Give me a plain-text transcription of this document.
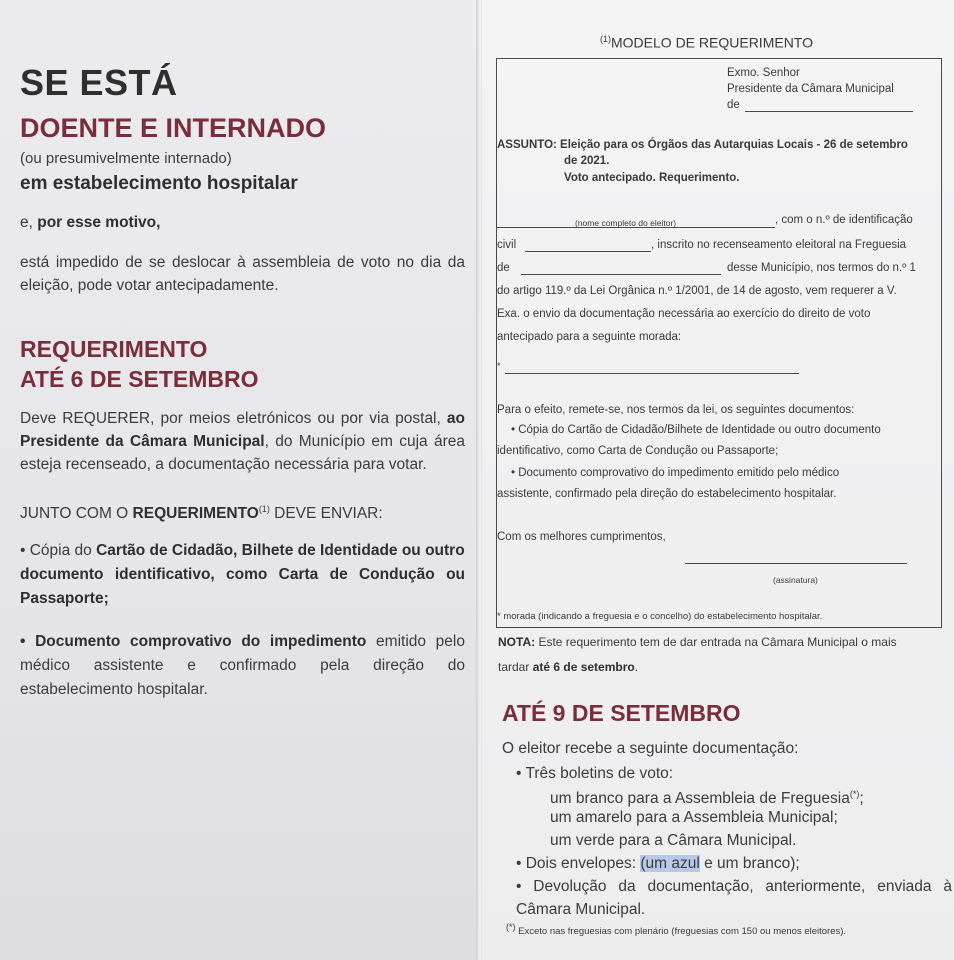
SE ESTÁ
DOENTE E INTERNADO
(ou presumivelmente internado)
em estabelecimento hospitalar
e, por esse motivo,
está impedido de se deslocar à assembleia de voto no dia da
eleição, pode votar antecipadamente.
REQUERIMENTO
ATÉ 6 DE SETEMBRO
Deve REQUERER, por meios eletrónicos ou por via postal, ao
Presidente da Câmara Municipal, do Município em cuja área
esteja recenseado, a documentação necessária para votar.
JUNTO COM O REQUERIMENTO$^{(1)}$ DEVE ENVIAR:
• Cópia do Cartão de Cidadão, Bilhete de Identidade ou outro
documento identificativo, como Carta de Condução ou
Passaporte;
• Documento comprovativo do impedimento emitido pelo
médico assistente e confirmado pela direção do
estabelecimento hospitalar.
$^{(1)}$MODELO DE REQUERIMENTO
Exmo. Senhor
Presidente da Câmara Municipal
de
ASSUNTO: Eleição para os Órgãos das Autarquias Locais - 26 de setembro
de 2021.
Voto antecipado. Requerimento.
(nome completo do eleitor)	, com o n.º de identificação
civil	, inscrito no recenseamento eleitoral na Freguesia
de	desse Município, nos termos do n.º 1
do artigo 119.º da Lei Orgânica n.º 1/2001, de 14 de agosto, vem requerer a V.
Exa. o envio da documentação necessária ao exercício do direito de voto
antecipado para a seguinte morada:
*
Para o efeito, remete-se, nos termos da lei, os seguintes documentos:
• Cópia do Cartão de Cidadão/Bilhete de Identidade ou outro documento
identificativo, como Carta de Condução ou Passaporte;
• Documento comprovativo do impedimento emitido pelo médico
assistente, confirmado pela direção do estabelecimento hospitalar.
Com os melhores cumprimentos,
(assinatura)
* morada (indicando a freguesia e o concelho) do estabelecimento hospitalar.
NOTA: Este requerimento tem de dar entrada na Câmara Municipal o mais
tardar até 6 de setembro.
ATÉ 9 DE SETEMBRO
O eleitor recebe a seguinte documentação:
• Três boletins de voto:
um branco para a Assembleia de Freguesia(*);
um amarelo para a Assembleia Municipal;
um verde para a Câmara Municipal.
• Dois envelopes: (um azul e um branco);
• Devolução da documentação, anteriormente, enviada à
Câmara Municipal.
(*) Exceto nas freguesias com plenário (freguesias com 150 ou menos eleitores).
